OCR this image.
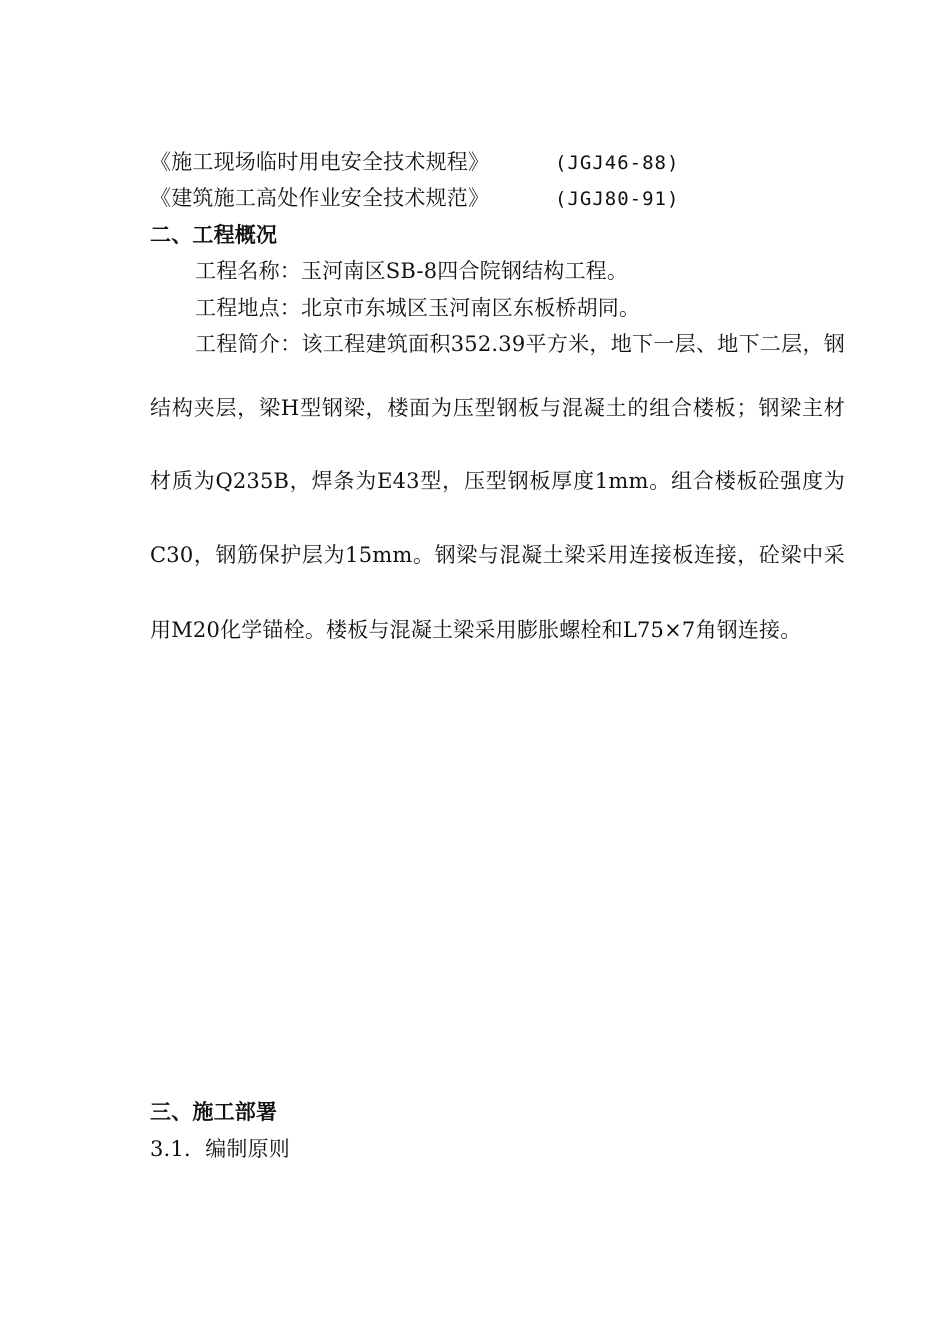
《施工现场临时用电安全技术规程》	(JGJ46-88)
《建筑施工高处作业安全技术规范》	(JGJ80-91)
二、工程概况
工程名称：玉河南区SB-8四合院钢结构工程。
工程地点：北京市东城区玉河南区东板桥胡同。
工程简介：该工程建筑面积352.39平方米，地下一层、地下二层，钢
结构夹层，梁H型钢梁，楼面为压型钢板与混凝土的组合楼板；钢梁主材
材质为Q235B，焊条为E43型，压型钢板厚度1mm。组合楼板砼强度为
C30，钢筋保护层为15mm。钢梁与混凝土梁采用连接板连接，砼梁中采
用M20化学锚栓。楼板与混凝土梁采用膨胀螺栓和L75×7角钢连接。
三、施工部署
3.1．编制原则
